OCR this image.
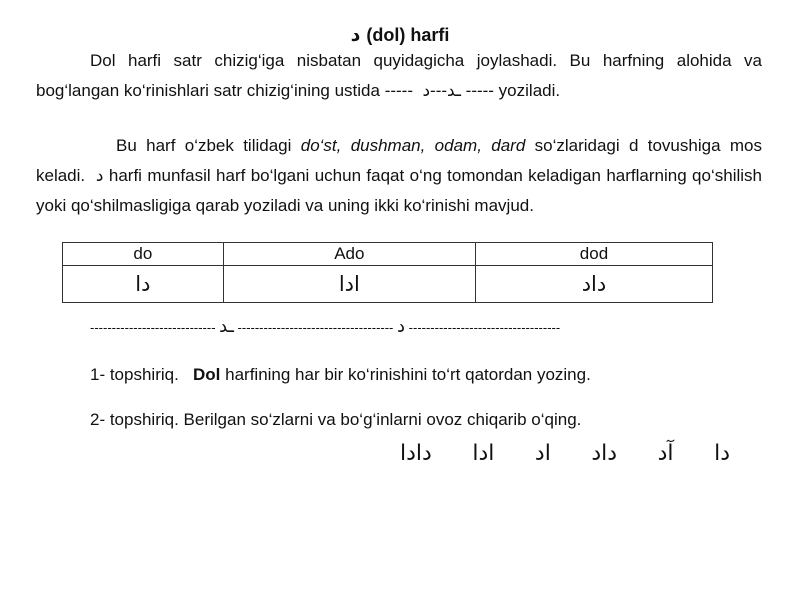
د (dol) harfi
Dol harfi satr chizig‘iga nisbatan quyidagicha joylashadi. Bu harfning alohida va bog‘langan ko‘rinishlari satr chizig‘ining ustida ----- د---ـد ----- yoziladi.
Bu harf o‘zbek tilidagi do‘st, dushman, odam, dard so‘zlaridagi d tovushiga mos keladi. د harfi munfasil harf bo‘lgani uchun faqat o‘ng tomondan keladigan harflarning qo‘shilish yoki qo‘shilmasligiga qarab yoziladi va uning ikki ko‘rinishi mavjud.
do	Ado	dod
دا	ادا	داد
----------------------------- ـد ------------------------------------ د -----------------------------------
1- topshiriq. Dol harfining har bir ko‘rinishini to‘rt qatordan yozing.
2- topshiriq. Berilgan so‘zlarni va bo‘g‘inlarni ovoz chiqarib o‘qing.
دا
آد
داد
اد
ادا
دادا
